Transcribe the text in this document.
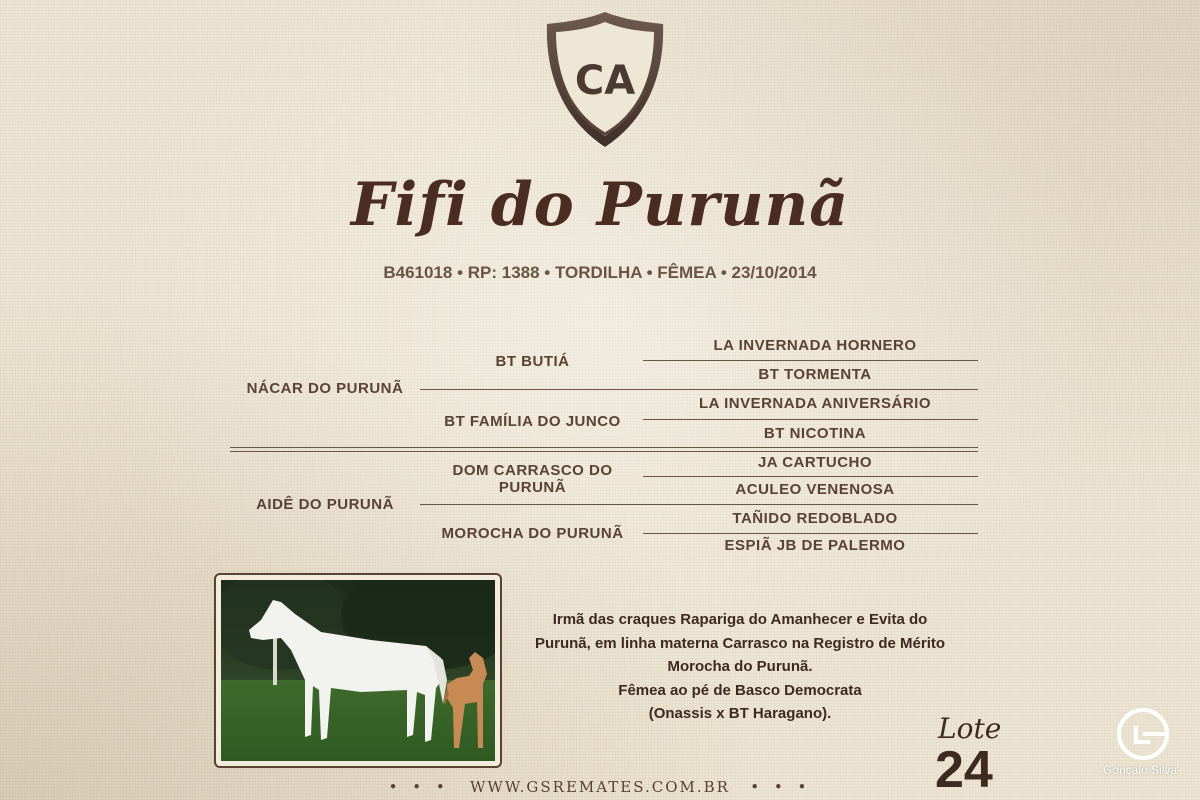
CA
Fifi do Purunã
B461018 • RP: 1388 • TORDILHA • FÊMEA • 23/10/2014
NÁCAR DO PURUNÃ
BT BUTIÁ
BT FAMÍLIA DO JUNCO
LA INVERNADA HORNERO
BT TORMENTA
LA INVERNADA ANIVERSÁRIO
BT NICOTINA
AIDÊ DO PURUNÃ
DOM CARRASCO DO
PURUNÃ
MOROCHA DO PURUNÃ
JA CARTUCHO
ACULEO VENENOSA
TAÑIDO REDOBLADO
ESPIÃ JB DE PALERMO
Irmã das craques Rapariga do Amanhecer e Evita do
Purunã, em linha materna Carrasco na Registro de Mérito
Morocha do Purunã.
Fêmea ao pé de Basco Democrata
(Onassis x BT Haragano).	Lote
24
• • • WWW.GSREMATES.COM.BR • • •
Gonçalo Silva
